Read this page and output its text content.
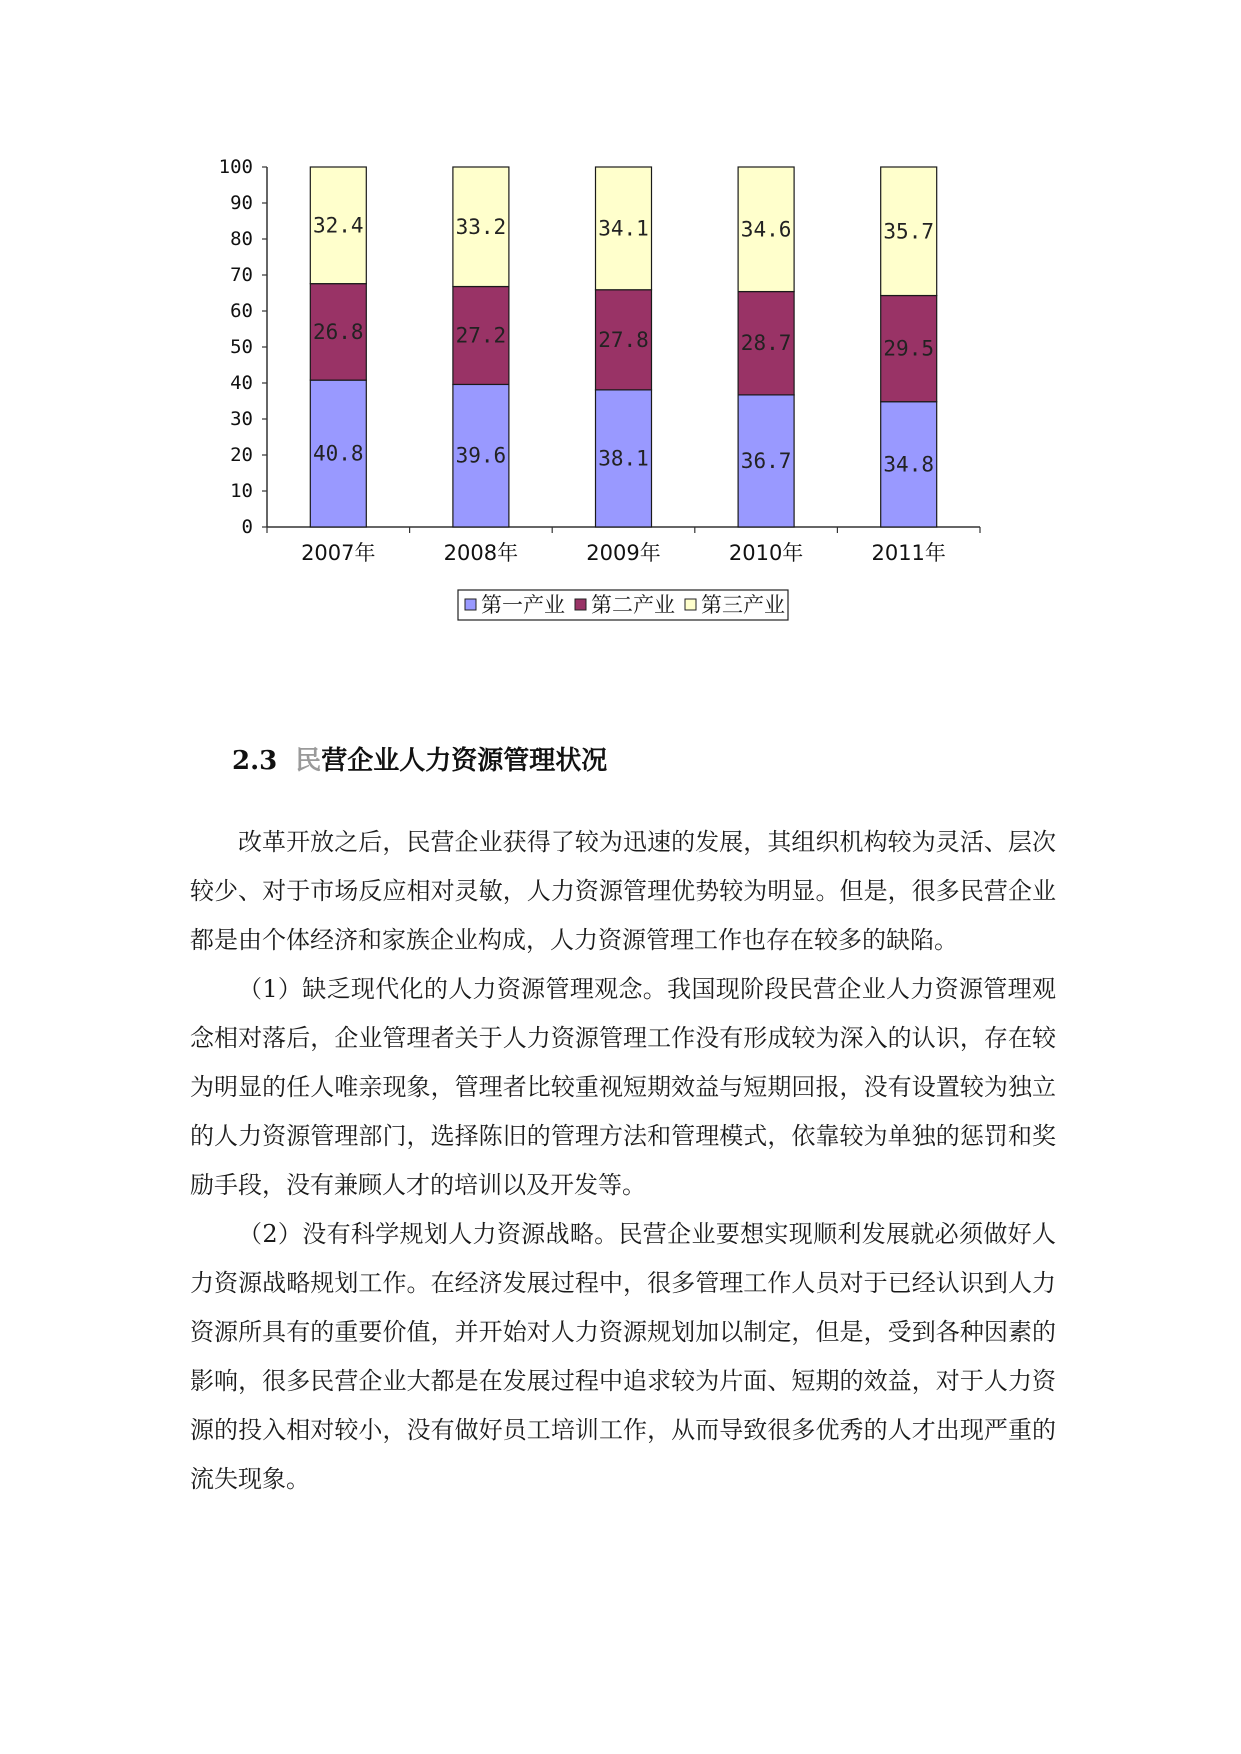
0
10
20
30
40
50
60
70
80
90
100
40.8
26.8
32.4
2007年
39.6
27.2
33.2
2008年
38.1
27.8
34.1
2009年
36.7
28.7
34.6
2010年
34.8
29.5
35.7
2011年
第一产业 第二产业 第三产业
2.3 民营企业人力资源管理状况

改革开放之后，民营企业获得了较为迅速的发展，其组织机构较为灵活、层次较少、对于市场反应相对灵敏，人力资源管理优势较为明显。但是，很多民营企业都是由个体经济和家族企业构成，人力资源管理工作也存在较多的缺陷。

（1）缺乏现代化的人力资源管理观念。我国现阶段民营企业人力资源管理观念相对落后，企业管理者关于人力资源管理工作没有形成较为深入的认识，存在较为明显的任人唯亲现象，管理者比较重视短期效益与短期回报，没有设置较为独立的人力资源管理部门，选择陈旧的管理方法和管理模式，依靠较为单独的惩罚和奖励手段，没有兼顾人才的培训以及开发等。

（2）没有科学规划人力资源战略。民营企业要想实现顺利发展就必须做好人力资源战略规划工作。在经济发展过程中，很多管理工作人员对于已经认识到人力资源所具有的重要价值，并开始对人力资源规划加以制定，但是，受到各种因素的影响，很多民营企业大都是在发展过程中追求较为片面、短期的效益，对于人力资源的投入相对较小，没有做好员工培训工作，从而导致很多优秀的人才出现严重的流失现象。
